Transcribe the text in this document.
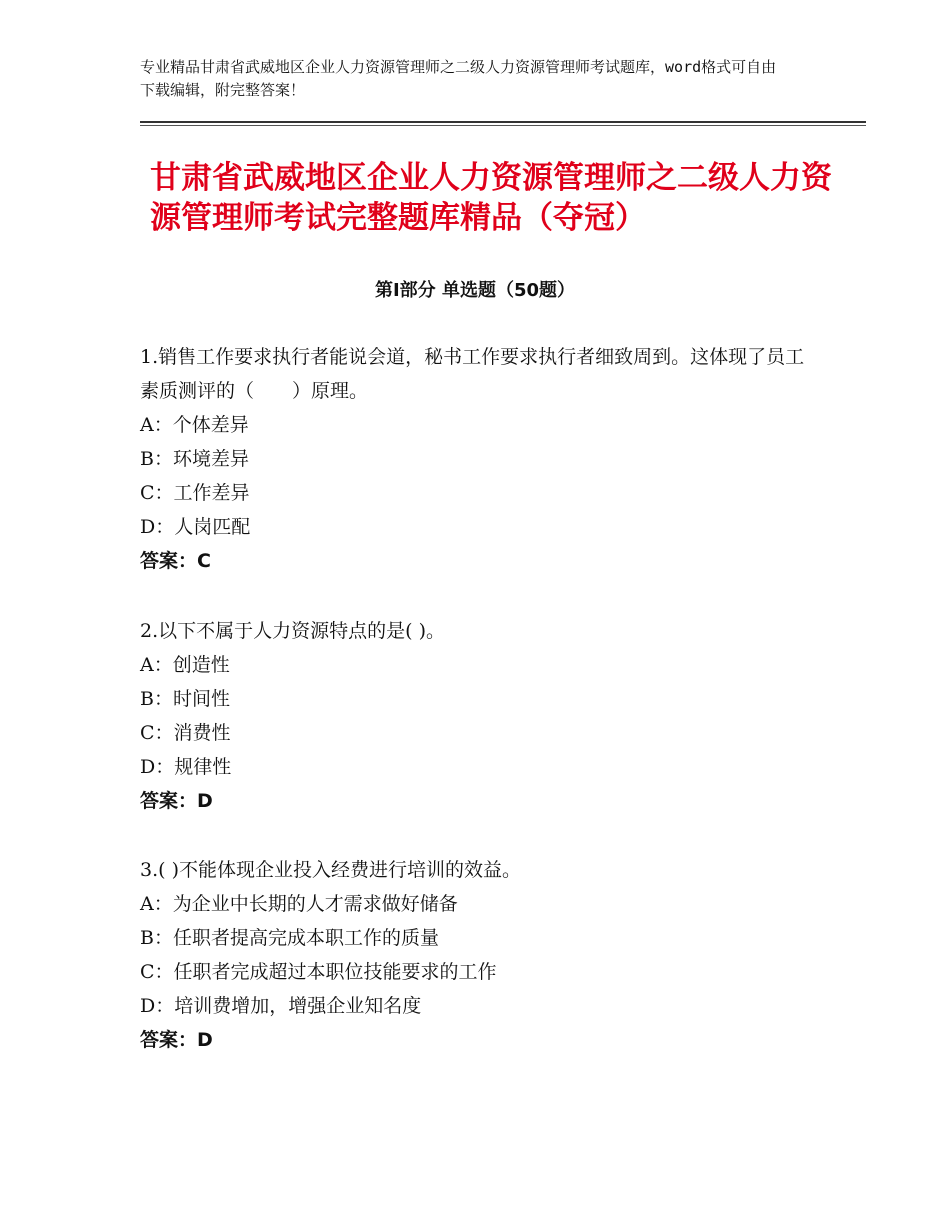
专业精品甘肃省武威地区企业人力资源管理师之二级人力资源管理师考试题库，word格式可自由下载编辑，附完整答案！
甘肃省武威地区企业人力资源管理师之二级人力资源管理师考试完整题库精品（夺冠）
第Ⅰ部分 单选题（50题）

1.销售工作要求执行者能说会道，秘书工作要求执行者细致周到。这体现了员工素质测评的（　　）原理。

A：个体差异

B：环境差异

C：工作差异

D：人岗匹配

答案：C

2.以下不属于人力资源特点的是( )。

A：创造性

B：时间性

C：消费性

D：规律性

答案：D

3.( )不能体现企业投入经费进行培训的效益。

A：为企业中长期的人才需求做好储备

B：任职者提高完成本职工作的质量

C：任职者完成超过本职位技能要求的工作

D：培训费增加，增强企业知名度

答案：D
